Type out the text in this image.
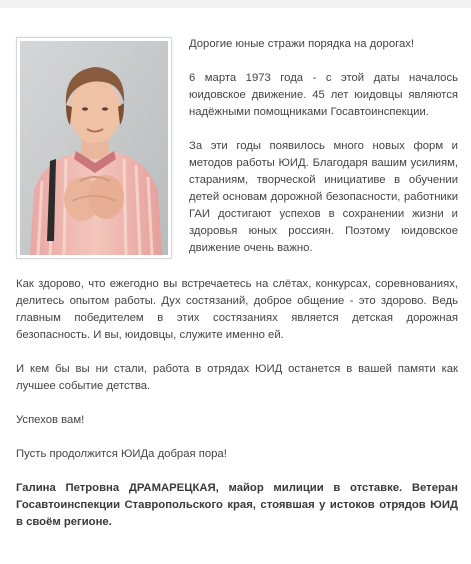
Дорогие юные стражи порядка на дорогах!

6 марта 1973 года - с этой даты началось юидовское движение. 45 лет юидовцы являются надёжными помощниками Госавтоинспекции.

За эти годы появилось много новых форм и методов работы ЮИД. Благодаря вашим усилиям, стараниям, творческой инициативе в обучении детей основам дорожной безопасности, работники ГАИ достигают успехов в сохранении жизни и здоровья юных россиян. Поэтому юидовское движение очень важно.

Как здорово, что ежегодно вы встречаетесь на слётах, конкурсах, соревнованиях, делитесь опытом работы. Дух состязаний, доброе общение - это здорово. Ведь главным победителем в этих состязаниях является детская дорожная безопасность. И вы, юидовцы, служите именно ей.

И кем бы вы ни стали, работа в отрядах ЮИД останется в вашей памяти как лучшее событие детства.

Успехов вам!

Пусть продолжится ЮИДа добрая пора!

Галина Петровна ДРАМАРЕЦКАЯ, майор милиции в отставке. Ветеран Госавтоинспекции Ставропольского края, стоявшая у истоков отрядов ЮИД в своём регионе.
